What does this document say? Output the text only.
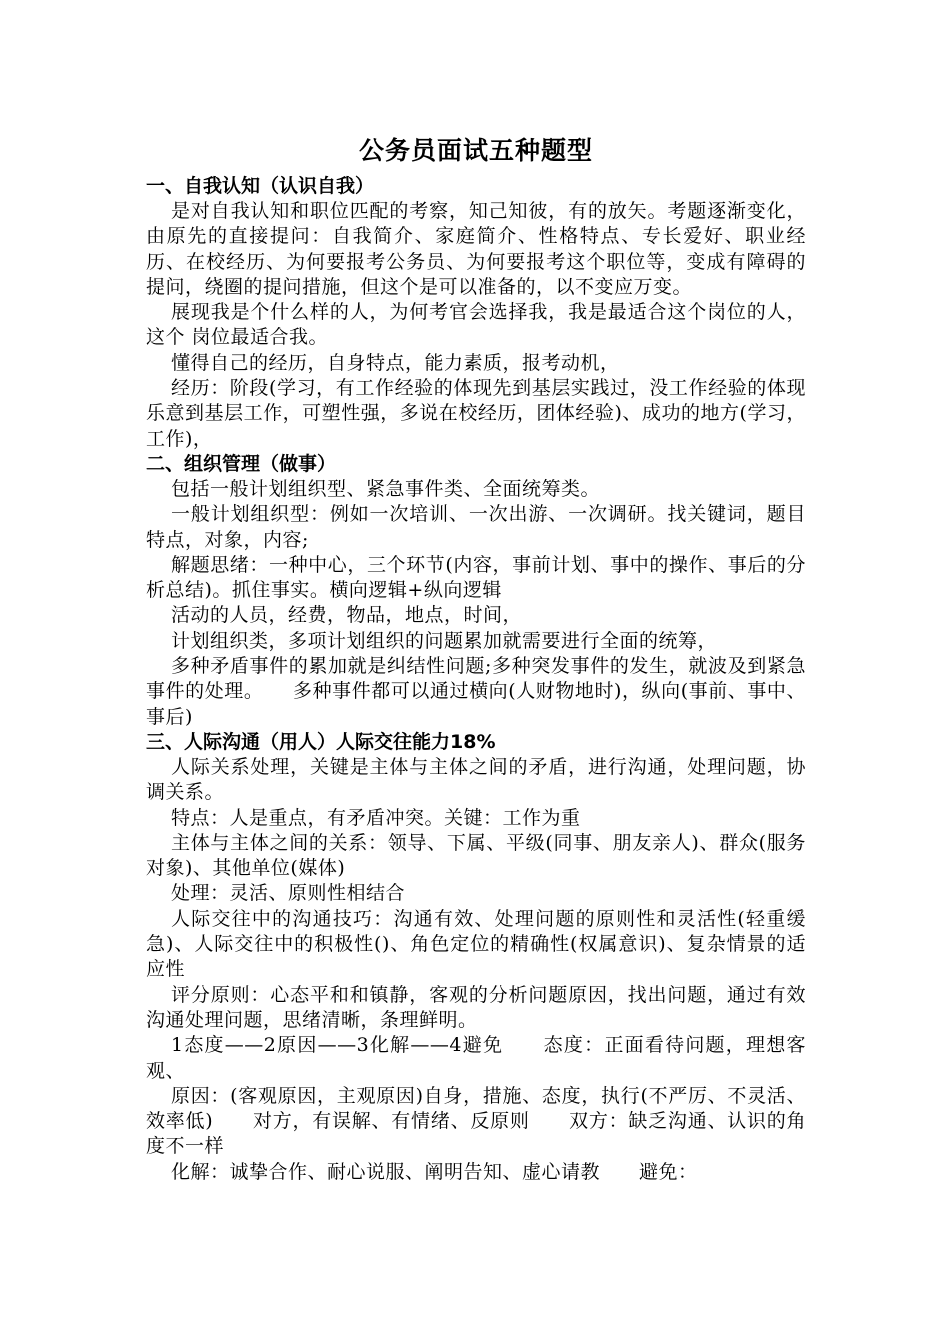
公务员面试五种题型

一、自我认知（认识自我）

是对自我认知和职位匹配的考察，知己知彼，有的放矢。考题逐渐变化，由原先的直接提问：自我简介、家庭简介、性格特点、专长爱好、职业经历、在校经历、为何要报考公务员、为何要报考这个职位等，变成有障碍的提问，绕圈的提问措施，但这个是可以准备的，以不变应万变。

展现我是个什么样的人，为何考官会选择我，我是最适合这个岗位的人，这个 岗位最适合我。

懂得自己的经历，自身特点，能力素质，报考动机，

经历：阶段(学习，有工作经验的体现先到基层实践过，没工作经验的体现乐意到基层工作，可塑性强，多说在校经历，团体经验)、成功的地方(学习，工作)，

二、组织管理（做事）

包括一般计划组织型、紧急事件类、全面统筹类。

一般计划组织型：例如一次培训、一次出游、一次调研。找关键词，题目特点，对象，内容;

解题思绪：一种中心，三个环节(内容，事前计划、事中的操作、事后的分析总结)。抓住事实。横向逻辑+纵向逻辑

活动的人员，经费，物品，地点，时间，

计划组织类，多项计划组织的问题累加就需要进行全面的统筹，

多种矛盾事件的累加就是纠结性问题;多种突发事件的发生，就波及到紧急事件的处理。　　多种事件都可以通过横向(人财物地时)，纵向(事前、事中、事后)

三、人际沟通（用人）人际交往能力18%

人际关系处理，关键是主体与主体之间的矛盾，进行沟通，处理问题，协调关系。

特点：人是重点，有矛盾冲突。关键：工作为重

主体与主体之间的关系：领导、下属、平级(同事、朋友亲人)、群众(服务对象)、其他单位(媒体)

处理：灵活、原则性相结合

人际交往中的沟通技巧：沟通有效、处理问题的原则性和灵活性(轻重缓急)、人际交往中的积极性()、角色定位的精确性(权属意识)、复杂情景的适应性

评分原则：心态平和和镇静，客观的分析问题原因，找出问题，通过有效沟通处理问题，思绪清晰，条理鲜明。

1态度——2原因——3化解——4避免　　态度：正面看待问题，理想客观、

原因：(客观原因，主观原因)自身，措施、态度，执行(不严厉、不灵活、效率低)　　对方，有误解、有情绪、反原则　　双方：缺乏沟通、认识的角度不一样

化解：诚挚合作、耐心说服、阐明告知、虚心请教　　避免：
